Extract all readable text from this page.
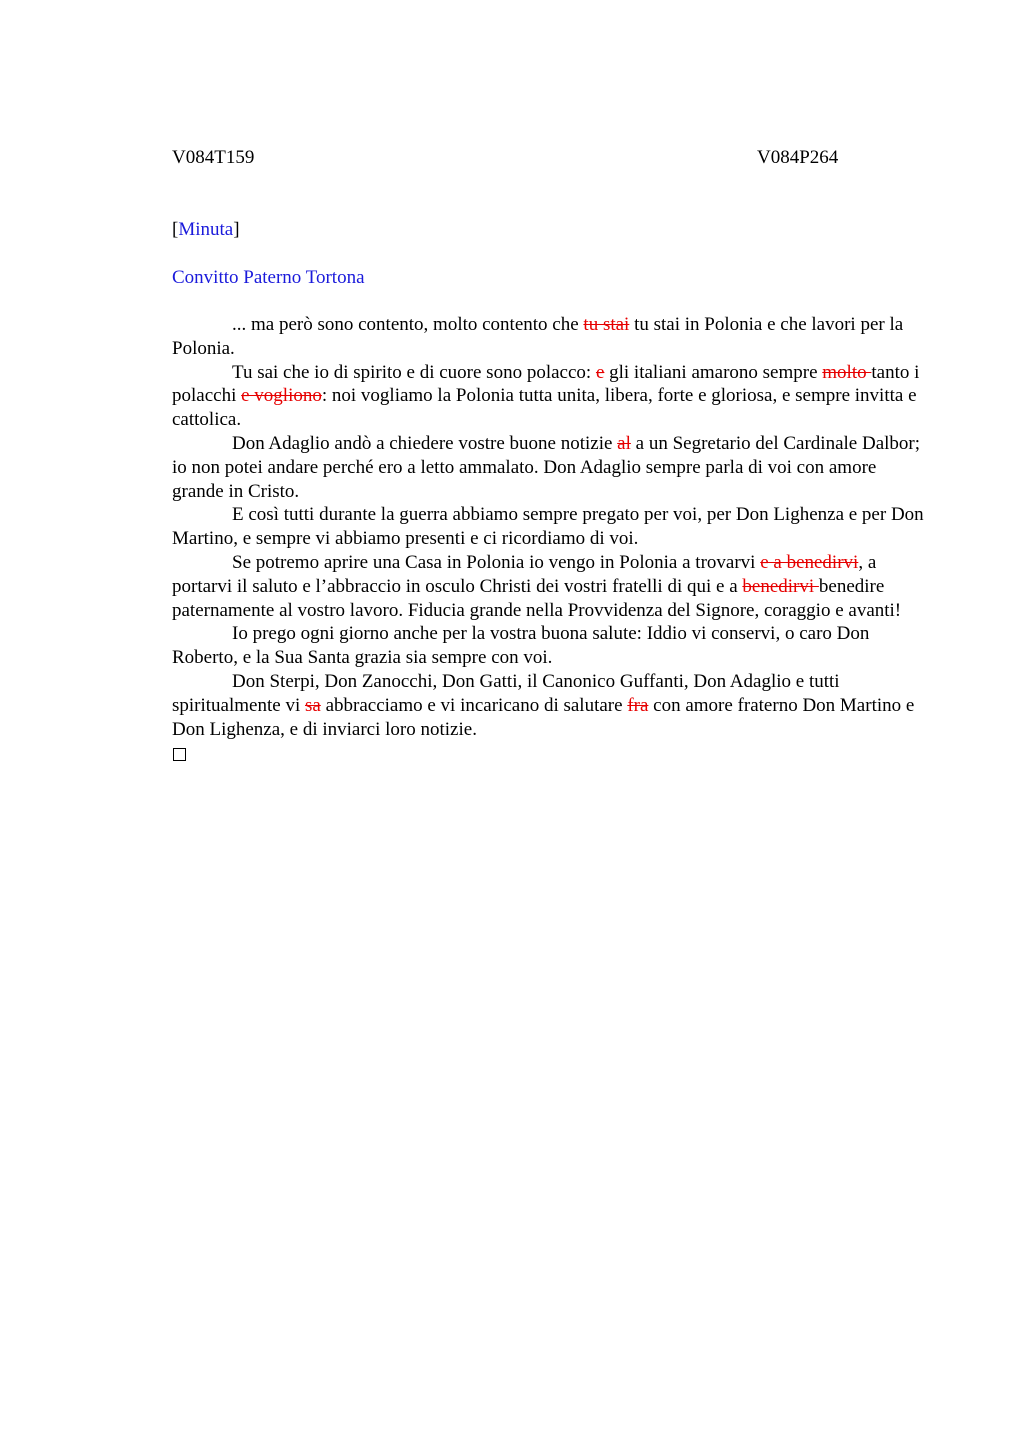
V084T159	V084P264
[Minuta]
Convitto Paterno Tortona

... ma però sono contento, molto contento che tu stai tu stai in Polonia e che lavori per la Polonia.

Tu sai che io di spirito e di cuore sono polacco: e gli italiani amarono sempre molto tanto i polacchi e vogliono: noi vogliamo la Polonia tutta unita, libera, forte e gloriosa, e sempre invitta e cattolica.

Don Adaglio andò a chiedere vostre buone notizie al a un Segretario del Cardinale Dalbor; io non potei andare perché ero a letto ammalato. Don Adaglio sempre parla di voi con amore grande in Cristo.

E così tutti durante la guerra abbiamo sempre pregato per voi, per Don Lighenza e per Don Martino, e sempre vi abbiamo presenti e ci ricordiamo di voi.

Se potremo aprire una Casa in Polonia io vengo in Polonia a trovarvi e a benedirvi, a portarvi il saluto e l’abbraccio in osculo Christi dei vostri fratelli di qui e a benedirvi benedire paternamente al vostro lavoro. Fiducia grande nella Provvidenza del Signore, coraggio e avanti!

Io prego ogni giorno anche per la vostra buona salute: Iddio vi conservi, o caro Don Roberto, e la Sua Santa grazia sia sempre con voi.

Don Sterpi, Don Zanocchi, Don Gatti, il Canonico Guffanti, Don Adaglio e tutti spiritualmente vi sa abbracciamo e vi incaricano di salutare fra con amore fraterno Don Martino e Don Lighenza, e di inviarci loro notizie.
